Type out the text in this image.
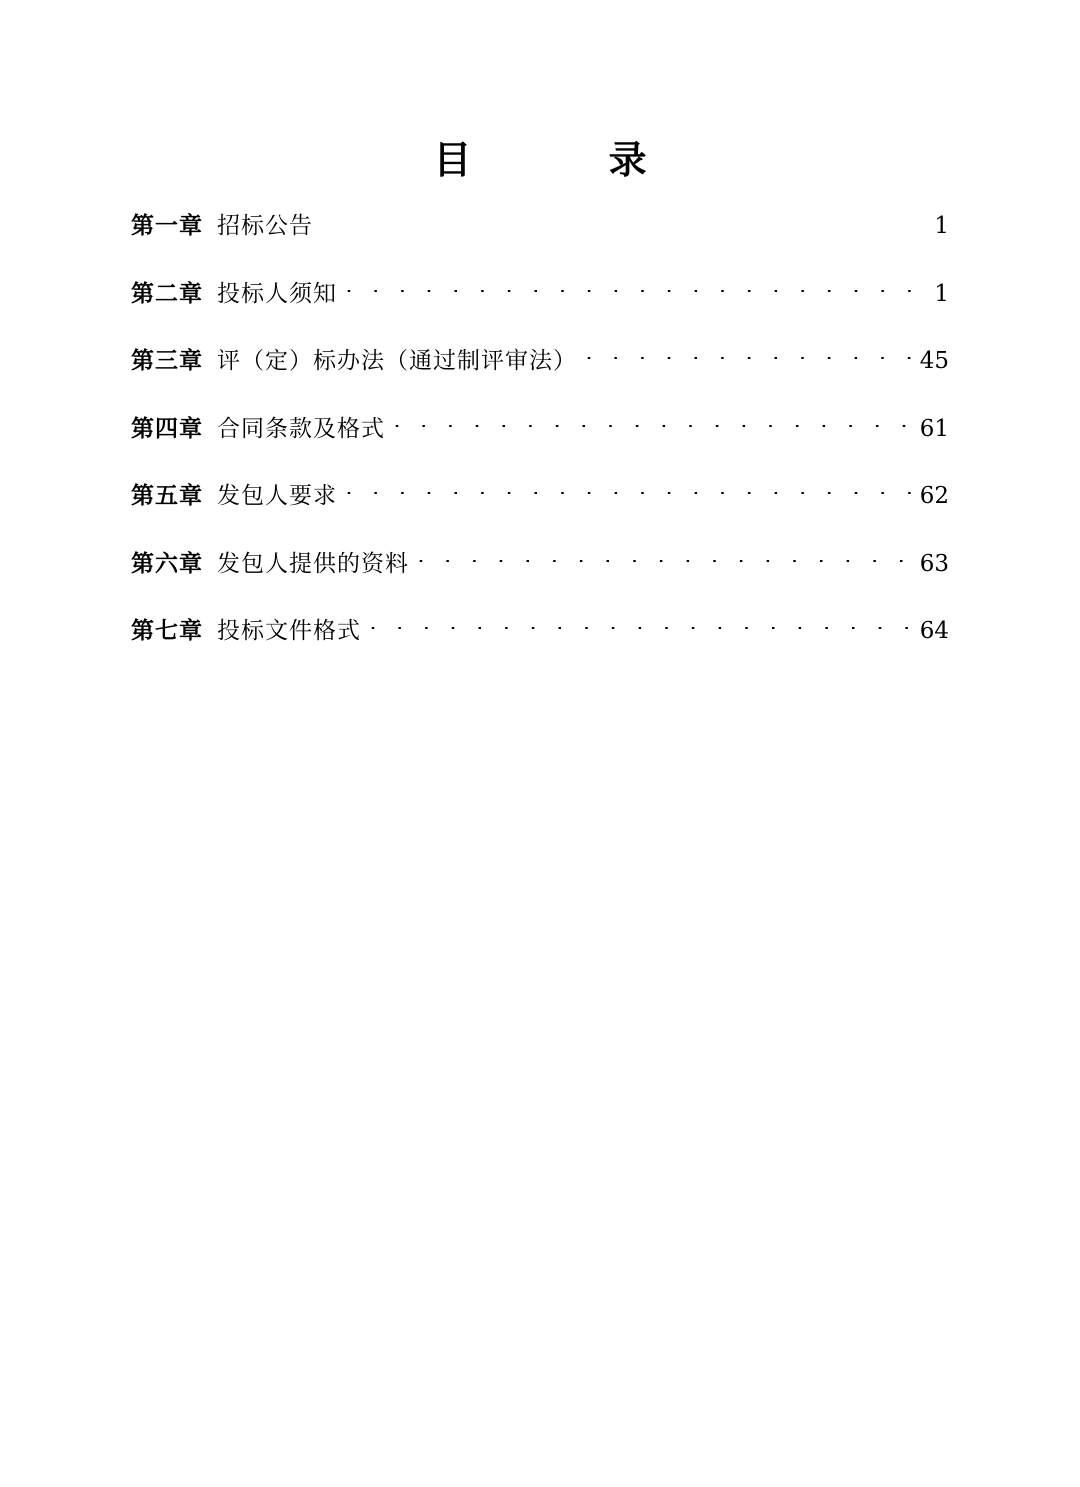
目 录
第一章 招标公告 .....	1
第二章 投标人须知 . . .	1
第三章 评（定）标办法（通过制评审法） . . .	45
第四章 合同条款及格式 . . .	61
第五章 发包人要求 . . .	62
第六章 发包人提供的资料 . . .	63
第七章 投标文件格式 . . .	64
